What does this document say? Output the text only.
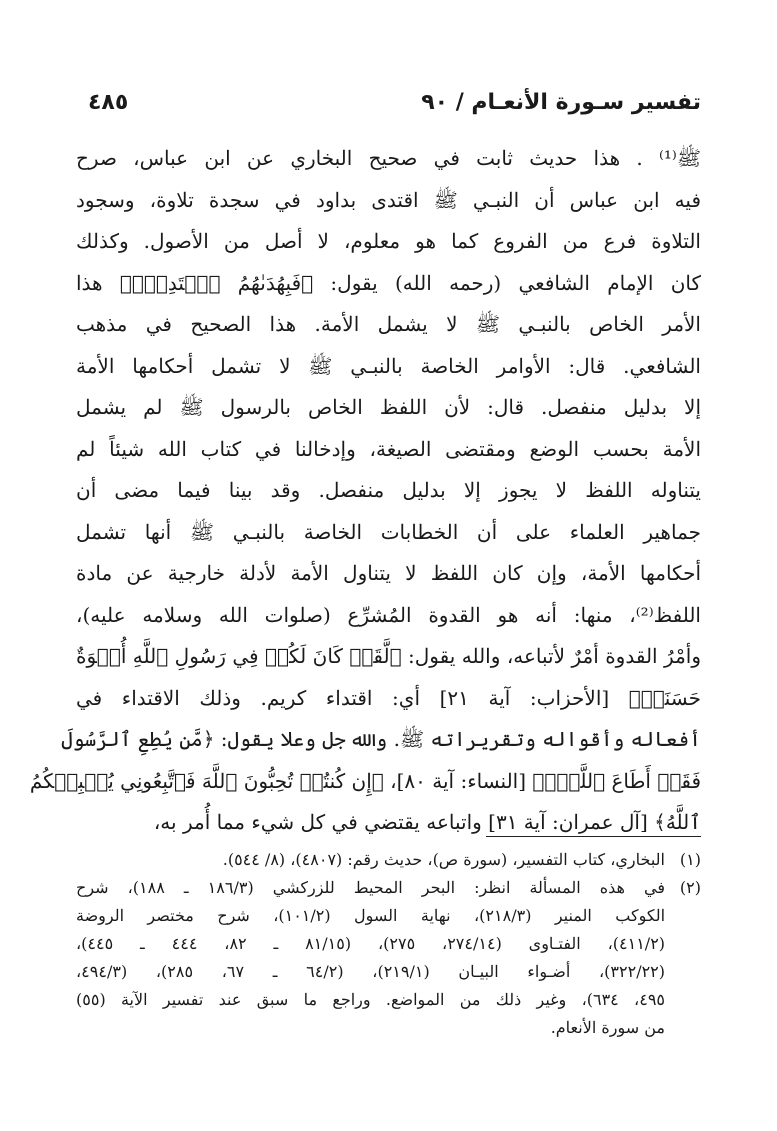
تفسير سـورة الأنعـام / ٩٠
٤٨٥
ﷺ⁽¹⁾ . هذا حديث ثابت في صحيح البخاري عن ابن عباس، صرح
فيه ابن عباس أن النبـي ﷺ اقتدى بداود في سجدة تلاوة، وسجود
التلاوة فرع من الفروع كما هو معلوم، لا أصل من الأصول. وكذلك
كان الإمام الشافعي (رحمه الله) يقول: ﴿فَبِهُدَىٰهُمُ ٱقۡتَدِهۡۗ﴾ هذا
الأمر الخاص بالنبـي ﷺ لا يشمل الأمة. هذا الصحيح في مذهب
الشافعي. قال: الأوامر الخاصة بالنبـي ﷺ لا تشمل أحكامها الأمة
إلا بدليل منفصل. قال: لأن اللفظ الخاص بالرسول ﷺ لم يشمل
الأمة بحسب الوضع ومقتضى الصيغة، وإدخالنا في كتاب الله شيئاً لم
يتناوله اللفظ لا يجوز إلا بدليل منفصل. وقد بينا فيما مضى أن
جماهير العلماء على أن الخطابات الخاصة بالنبـي ﷺ أنها تشمل
أحكامها الأمة، وإن كان اللفظ لا يتناول الأمة لأدلة خارجية عن مادة
اللفظ⁽²⁾، منها: أنه هو القدوة المُشرِّع (صلوات الله وسلامه عليه)،
وأمْرُ القدوة أمْرٌ لأتباعه، والله يقول: ﴿لَّقَدۡ كَانَ لَكُمۡ فِي رَسُولِ ٱللَّهِ أُسۡوَةٌ
حَسَنَةٞ﴾ [الأحزاب: آية ٢١] أي: اقتداء كريم. وذلك الاقتداء في
أفعاله وأقواله وتقريراته ﷺ. والله جل وعلا يقول: ﴿مَّن يُطِعِ ٱلرَّسُولَ
فَقَدۡ أَطَاعَ ٱللَّهَۖ﴾ [النساء: آية ٨٠]، ﴿إِن كُنتُمۡ تُحِبُّونَ ٱللَّهَ فَٱتَّبِعُونِي يُحۡبِبۡكُمُ
ٱللَّهُ﴾ [آل عمران: آية ٣١] واتباعه يقتضي في كل شيء مما أُمر به،
(١)
البخاري، كتاب التفسير، (سورة ص)، حديث رقم: (٤٨٠٧)، (٨/ ٥٤٤).
(٢)
في هذه المسألة انظر: البحر المحيط للزركشي (١٨٦/٣ ـ ١٨٨)، شرح
الكوكب المنير (٢١٨/٣)، نهاية السول (١٠١/٢)، شرح مختصر الروضة
(٤١١/٢)، الفتـاوى (٢٧٤/١٤، ٢٧٥)، (٨١/١٥ ـ ٨٢، ٤٤٤ ـ ٤٤٥)،
(٣٢٢/٢٢)، أضـواء البيـان (٢١٩/١)، (٦٤/٢ ـ ٦٧، ٢٨٥)، (٤٩٤/٣،
٤٩٥، ٦٣٤)، وغير ذلك من المواضع. وراجع ما سبق عند تفسير الآية (٥٥)
من سورة الأنعام.
